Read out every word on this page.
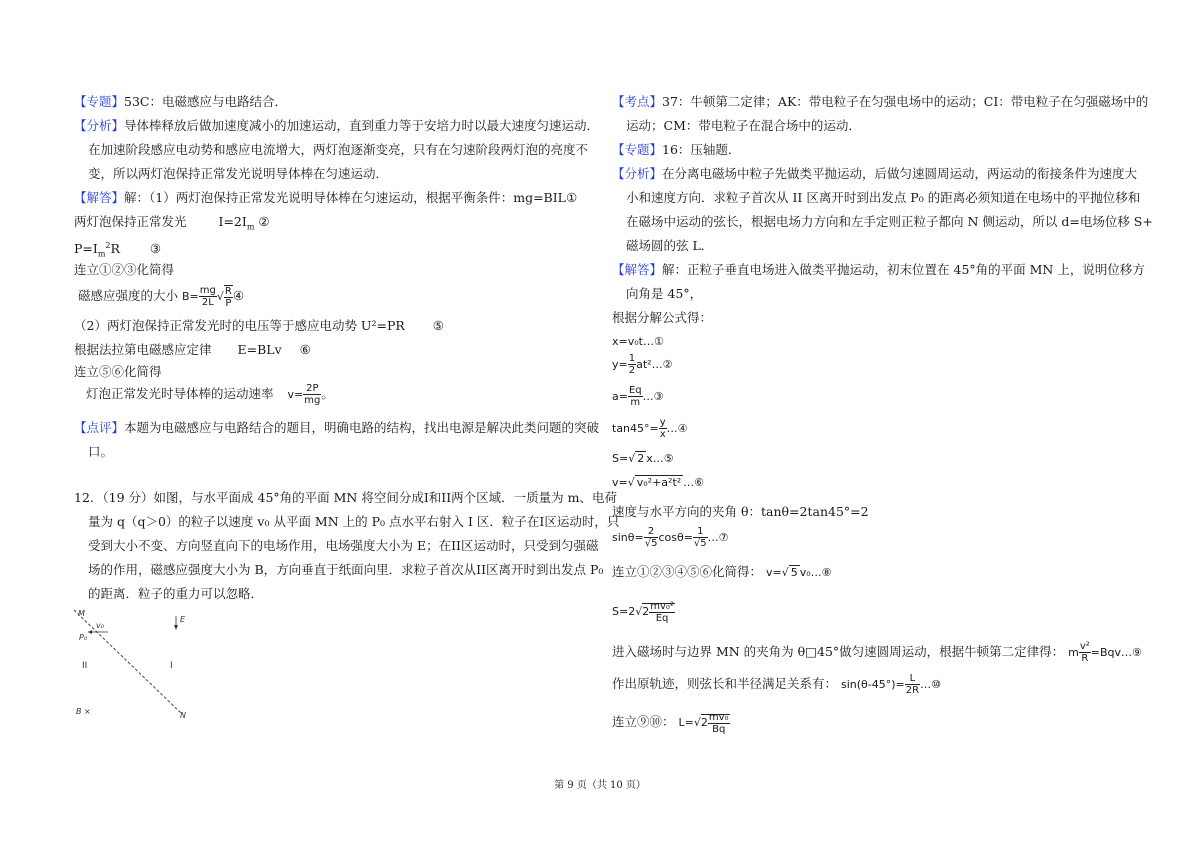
【专题】53C：电磁感应与电路结合．
【分析】导体棒释放后做加速度减小的加速运动，直到重力等于安培力时以最大速度匀速运动．
在加速阶段感应电动势和感应电流增大，两灯泡逐渐变亮，只有在匀速阶段两灯泡的亮度不
变，所以两灯泡保持正常发光说明导体棒在匀速运动．
【解答】解：（1）两灯泡保持正常发光说明导体棒在匀速运动，根据平衡条件：mg=BIL①
两灯泡保持正常发光	$I=2I_m$ ②
$P=I_m^2R$ ③
连立①②③化简得
磁感应强度的大小 $B= \frac{mg}{2L}$ √ $\frac{R}{P}$ ④
（2）两灯泡保持正常发光时的电压等于感应电动势 U²=PR ⑤
根据法拉第电磁感应定律 E=BLv ⑥
连立⑤⑥化简得
灯泡正常发光时导体棒的运动速率 $v= \frac{2P}{mg}$ 。
【点评】本题为电磁感应与电路结合的题目，明确电路的结构，找出电源是解决此类问题的突破
口。
12．（19 分）如图，与水平面成 45°角的平面 MN 将空间分成I和II两个区域．一质量为 m、电荷
量为 q（q＞0）的粒子以速度 v₀ 从平面 MN 上的 P₀ 点水平右射入 I 区．粒子在I区运动时，只
受到大小不变、方向竖直向下的电场作用，电场强度大小为 E；在II区运动时，只受到匀强磁
场的作用，磁感应强度大小为 B，方向垂直于纸面向里．求粒子首次从II区离开时到出发点 P₀
的距离．粒子的重力可以忽略．
M
N
P₀
v₀
E
II	I
B ×
【考点】37：牛顿第二定律；AK：带电粒子在匀强电场中的运动；CI：带电粒子在匀强磁场中的
运动；CM：带电粒子在混合场中的运动．
【专题】16：压轴题．
【分析】在分离电磁场中粒子先做类平抛运动，后做匀速圆周运动，两运动的衔接条件为速度大
小和速度方向．求粒子首次从 II 区离开时到出发点 P₀ 的距离必须知道在电场中的平抛位移和
在磁场中运动的弦长，根据电场力方向和左手定则正粒子都向 N 侧运动，所以 d=电场位移 S+
磁场圆的弦 L．
【解答】解：正粒子垂直电场进入做类平抛运动，初末位置在 45°角的平面 MN 上，说明位移方
向角是 45°，
根据分解公式得：
x=v₀t…①
$y= \frac{1}{2}$ at²…②
$a= \frac{Eq}{m}$ …③
$\tan 45^\circ= \frac{y}{x}$ …④
S=√ 2 x…⑤
v=√ v₀²+a²t² …⑥
速度与水平方向的夹角 θ：tanθ=2tan45°=2
$\sin\theta= \frac{2}{√5} \cos\theta= \frac{1}{√5}$ …⑦
连立①②③④⑤⑥化简得： v=√ 5 v₀…⑧
$S=2√2 \frac{\text{mv₀²}}{Eq}$
进入磁场时与边界 MN 的夹角为 θ□45°做匀速圆周运动，根据牛顿第二定律得： m $\frac{\text{v²}}{R}$ =Bqv…⑨
作出原轨迹，则弦长和半径满足关系有： $\sin(\theta-45^\circ)= \frac{L}{2R}$ …⑩
连立⑨⑩： $L=√2 \frac{\text{mv₀}}{Bq}$
第 9 页（共 10 页）
